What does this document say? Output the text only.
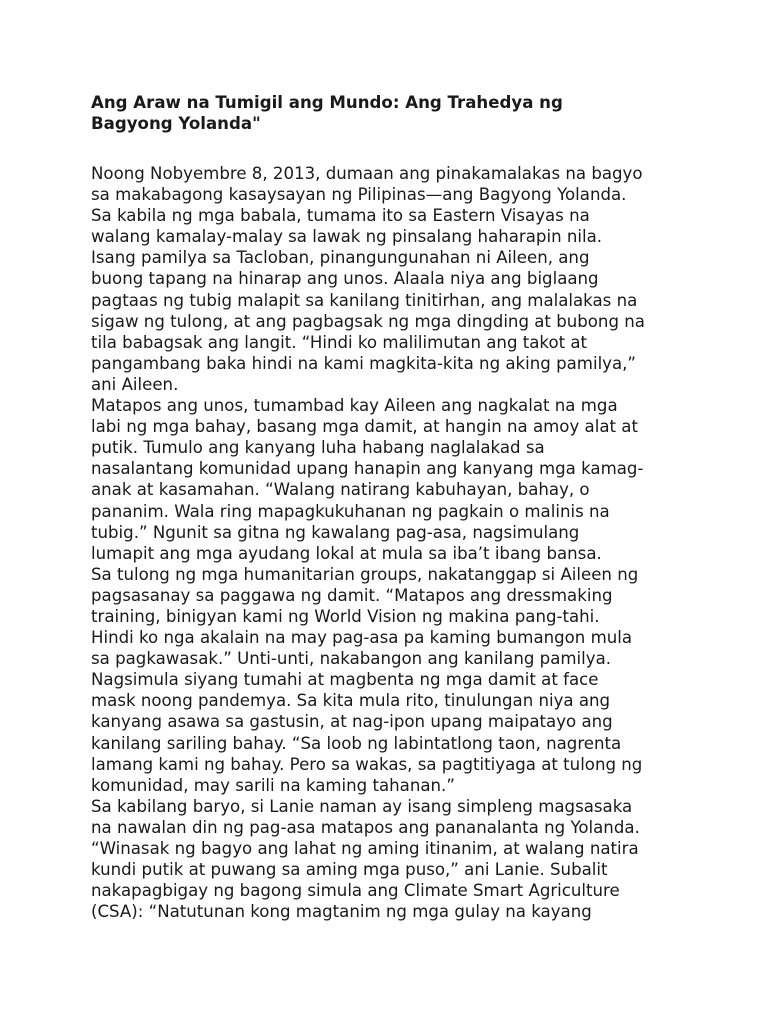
Ang Araw na Tumigil ang Mundo: Ang Trahedya ng Bagyong Yolanda"

Noong Nobyembre 8, 2013, dumaan ang pinakamalakas na bagyo

sa makabagong kasaysayan ng Pilipinas—ang Bagyong Yolanda.

Sa kabila ng mga babala, tumama ito sa Eastern Visayas na

walang kamalay-malay sa lawak ng pinsalang haharapin nila.

Isang pamilya sa Tacloban, pinangungunahan ni Aileen, ang

buong tapang na hinarap ang unos. Alaala niya ang biglaang

pagtaas ng tubig malapit sa kanilang tinitirhan, ang malalakas na

sigaw ng tulong, at ang pagbagsak ng mga dingding at bubong na

tila babagsak ang langit. “Hindi ko malilimutan ang takot at

pangambang baka hindi na kami magkita-kita ng aking pamilya,”

ani Aileen.

Matapos ang unos, tumambad kay Aileen ang nagkalat na mga

labi ng mga bahay, basang mga damit, at hangin na amoy alat at

putik. Tumulo ang kanyang luha habang naglalakad sa

nasalantang komunidad upang hanapin ang kanyang mga kamag-

anak at kasamahan. “Walang natirang kabuhayan, bahay, o

pananim. Wala ring mapagkukuhanan ng pagkain o malinis na

tubig.” Ngunit sa gitna ng kawalang pag-asa, nagsimulang

lumapit ang mga ayudang lokal at mula sa iba’t ibang bansa.

Sa tulong ng mga humanitarian groups, nakatanggap si Aileen ng

pagsasanay sa paggawa ng damit. “Matapos ang dressmaking

training, binigyan kami ng World Vision ng makina pang-tahi.

Hindi ko nga akalain na may pag-asa pa kaming bumangon mula

sa pagkawasak.” Unti-unti, nakabangon ang kanilang pamilya.

Nagsimula siyang tumahi at magbenta ng mga damit at face

mask noong pandemya. Sa kita mula rito, tinulungan niya ang

kanyang asawa sa gastusin, at nag-ipon upang maipatayo ang

kanilang sariling bahay. “Sa loob ng labintatlong taon, nagrenta

lamang kami ng bahay. Pero sa wakas, sa pagtitiyaga at tulong ng

komunidad, may sarili na kaming tahanan.”

Sa kabilang baryo, si Lanie naman ay isang simpleng magsasaka

na nawalan din ng pag-asa matapos ang pananalanta ng Yolanda.

“Winasak ng bagyo ang lahat ng aming itinanim, at walang natira

kundi putik at puwang sa aming mga puso,” ani Lanie. Subalit

nakapagbigay ng bagong simula ang Climate Smart Agriculture

(CSA): “Natutunan kong magtanim ng mga gulay na kayang
